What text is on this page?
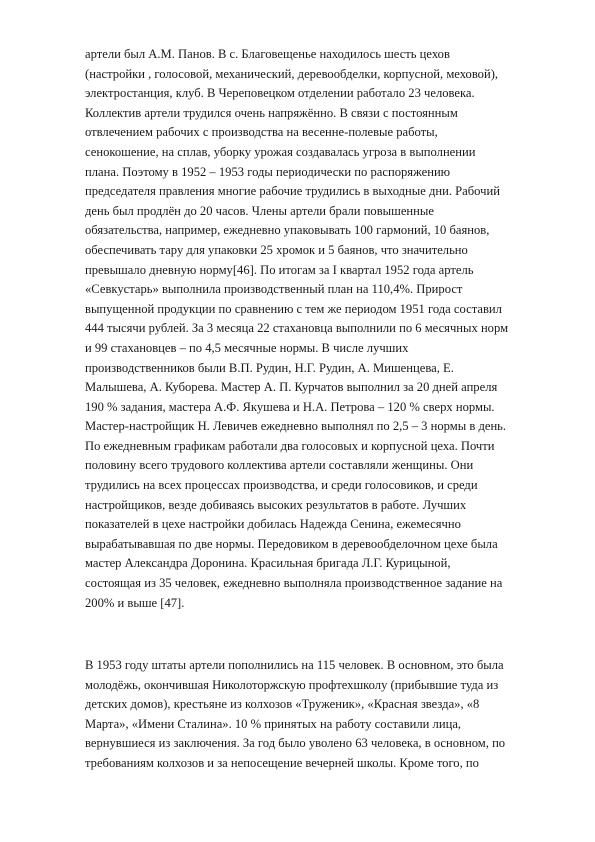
артели был А.М. Панов. В с. Благовещенье находилось шесть цехов
(настройки , голосовой, механический, деревообделки, корпусной, меховой),
электростанция, клуб. В Череповецком отделении работало 23 человека.
Коллектив артели трудился очень напряжённо. В связи с постоянным
отвлечением рабочих с производства на весенне-полевые работы,
сенокошение, на сплав, уборку урожая создавалась угроза в выполнении
плана. Поэтому в 1952 – 1953 годы периодически по распоряжению
председателя правления многие рабочие трудились в выходные дни. Рабочий
день был продлён до 20 часов. Члены артели брали повышенные
обязательства, например, ежедневно упаковывать 100 гармоний, 10 баянов,
обеспечивать тару для упаковки 25 хромок и 5 баянов, что значительно
превышало дневную норму[46]. По итогам за I квартал 1952 года артель
«Севкустарь» выполнила производственный план на 110,4%. Прирост
выпущенной продукции по сравнению с тем же периодом 1951 года составил
444 тысячи рублей. За 3 месяца 22 стахановца выполнили по 6 месячных норм
и 99 стахановцев – по 4,5 месячные нормы. В числе лучших
производственников были В.П. Рудин, Н.Г. Рудин, А. Мишенцева, Е.
Малышева, А. Куборева. Мастер А. П. Курчатов выполнил за 20 дней апреля
190 % задания, мастера А.Ф. Якушева и Н.А. Петрова – 120 % сверх нормы.
Мастер-настройщик Н. Левичев ежедневно выполнял по 2,5 – 3 нормы в день.
По ежедневным графикам работали два голосовых и корпусной цеха. Почти
половину всего трудового коллектива артели составляли женщины. Они
трудились на всех процессах производства, и среди голосовиков, и среди
настройщиков, везде добиваясь высоких результатов в работе. Лучших
показателей в цехе настройки добилась Надежда Сенина, ежемесячно
вырабатывавшая по две нормы. Передовиком в деревообделочном цехе была
мастер Александра Доронина. Красильная бригада Л.Г. Курицыной,
состоящая из 35 человек, ежедневно выполняла производственное задание на
200% и выше [47].

В 1953 году штаты артели пополнились на 115 человек. В основном, это была
молодёжь, окончившая Николоторжскую профтехшколу (прибывшие туда из
детских домов), крестьяне из колхозов «Труженик», «Красная звезда», «8
Марта», «Имени Сталина». 10 % принятых на работу составили лица,
вернувшиеся из заключения. За год было уволено 63 человека, в основном, по
требованиям колхозов и за непосещение вечерней школы. Кроме того, по
